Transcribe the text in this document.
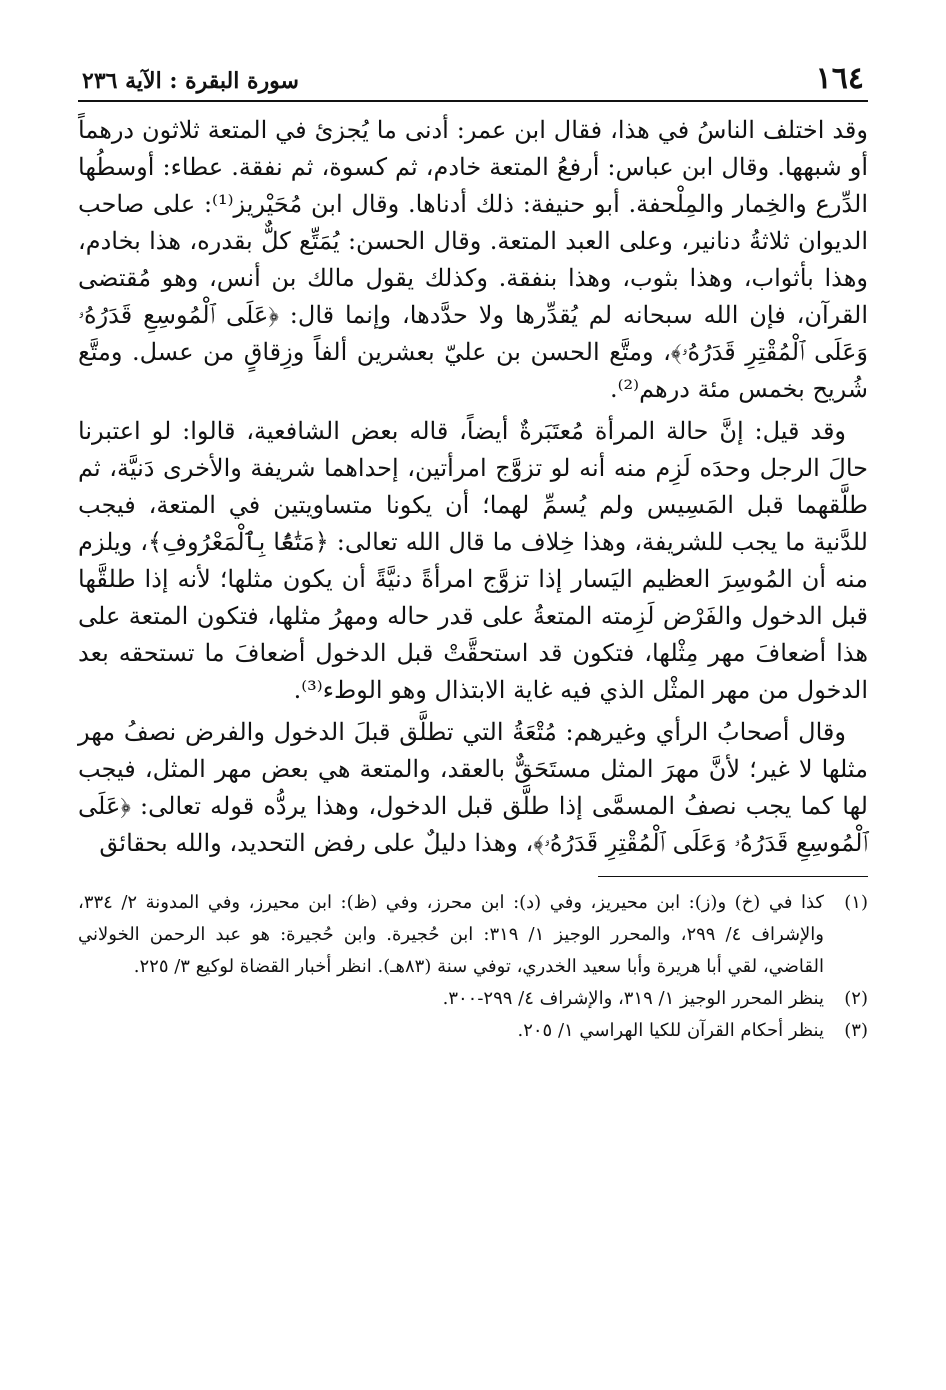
١٦٤
سورة البقرة : الآية ٢٣٦

وقد اختلف الناسُ في هذا، فقال ابن عمر: أدنى ما يُجزئ في المتعة ثلاثون درهماً أو شبهها. وقال ابن عباس: أرفعُ المتعة خادم، ثم كسوة، ثم نفقة. عطاء: أوسطُها الدِّرع والخِمار والمِلْحفة. أبو حنيفة: ذلك أدناها. وقال ابن مُحَيْريز⁽¹⁾: على صاحب الديوان ثلاثةُ دنانير، وعلى العبد المتعة. وقال الحسن: يُمَتِّع كلٌّ بقدره، هذا بخادم، وهذا بأثواب، وهذا بثوب، وهذا بنفقة. وكذلك يقول مالك بن أنس، وهو مُقتضى القرآن، فإن الله سبحانه لم يُقدِّرها ولا حدَّدها، وإنما قال: ﴿عَلَى ٱلْمُوسِعِ قَدَرُهُۥ وَعَلَى ٱلْمُقْتِرِ قَدَرُهُۥ﴾، ومتَّع الحسن بن عليّ بعشرين ألفاً وزِقاقٍ من عسل. ومتَّع شُريح بخمس مئة درهم⁽²⁾.

وقد قيل: إنَّ حالة المرأة مُعتَبَرةٌ أيضاً، قاله بعض الشافعية، قالوا: لو اعتبرنا حالَ الرجل وحدَه لَزِم منه أنه لو تزوَّج امرأتين، إحداهما شريفة والأخرى دَنيَّة، ثم طلَّقهما قبل المَسِيس ولم يُسمِّ لهما؛ أن يكونا متساويتين في المتعة، فيجب للدَّنية ما يجب للشريفة، وهذا خِلاف ما قال الله تعالى: ﴿مَتَٰعًۢا بِٱلْمَعْرُوفِ﴾، ويلزم منه أن المُوسِرَ العظيم اليَسار إذا تزوَّج امرأةً دنيَّةً أن يكون مثلها؛ لأنه إذا طلقَّها قبل الدخول والفَرْض لَزِمته المتعةُ على قدر حاله ومهرُ مثلها، فتكون المتعة على هذا أضعافَ مهر مِثْلها، فتكون قد استحقَّتْ قبل الدخول أضعافَ ما تستحقه بعد الدخول من مهر المثْل الذي فيه غاية الابتذال وهو الوطء⁽³⁾.

وقال أصحابُ الرأي وغيرهم: مُتْعَةُ التي تطلَّق قبلَ الدخول والفرض نصفُ مهر مثلها لا غير؛ لأنَّ مهرَ المثل مستَحَقٌّ بالعقد، والمتعة هي بعض مهر المثل، فيجب لها كما يجب نصفُ المسمَّى إذا طلَّق قبل الدخول، وهذا يردُّه قوله تعالى: ﴿عَلَى ٱلْمُوسِعِ قَدَرُهُۥ وَعَلَى ٱلْمُقْتِرِ قَدَرُهُۥ﴾، وهذا دليلٌ على رفض التحديد، والله بحقائق

(١)
كذا في (خ) و(ز): ابن محيريز، وفي (د): ابن محرز، وفي (ظ): ابن محيرز، وفي المدونة ٢/ ٣٣٤، والإشراف ٤/ ٢٩٩، والمحرر الوجيز ١/ ٣١٩: ابن حُجيرة. وابن حُجيرة: هو عبد الرحمن الخولاني القاضي، لقي أبا هريرة وأبا سعيد الخدري، توفي سنة (٨٣هـ). انظر أخبار القضاة لوكيع ٣/ ٢٢٥.
(٢)
ينظر المحرر الوجيز ١/ ٣١٩، والإشراف ٤/ ٢٩٩-٣٠٠.
(٣)
ينظر أحكام القرآن للكيا الهراسي ١/ ٢٠٥.
